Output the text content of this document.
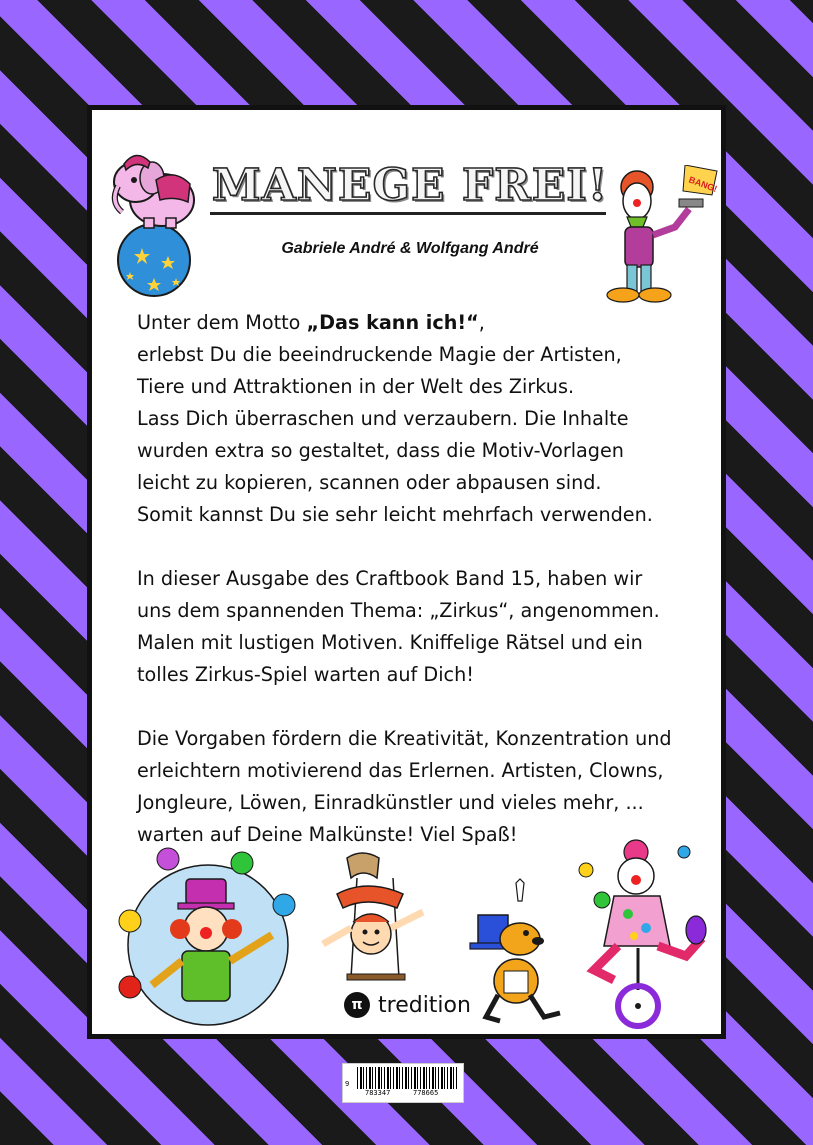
MANEGE FREI!
Gabriele André & Wolfgang André
BANG!

Unter dem Motto „Das kann ich!“,
erlebst Du die beeindruckende Magie der Artisten,
Tiere und Attraktionen in der Welt des Zirkus.
Lass Dich überraschen und verzaubern. Die Inhalte
wurden extra so gestaltet, dass die Motiv-Vorlagen
leicht zu kopieren, scannen oder abpausen sind.
Somit kannst Du sie sehr leicht mehrfach verwenden.

In dieser Ausgabe des Craftbook Band 15, haben wir
uns dem spannenden Thema: „Zirkus“, angenommen.
Malen mit lustigen Motiven. Kniffelige Rätsel und ein
tolles Zirkus-Spiel warten auf Dich!

Die Vorgaben fördern die Kreativität, Konzentration und
erleichtern motivierend das Erlernen. Artisten, Clowns,
Jongleure, Löwen, Einradkünstler und vieles mehr, ...
warten auf Deine Malkünste! Viel Spaß!

π tredition
9
783347	778665
